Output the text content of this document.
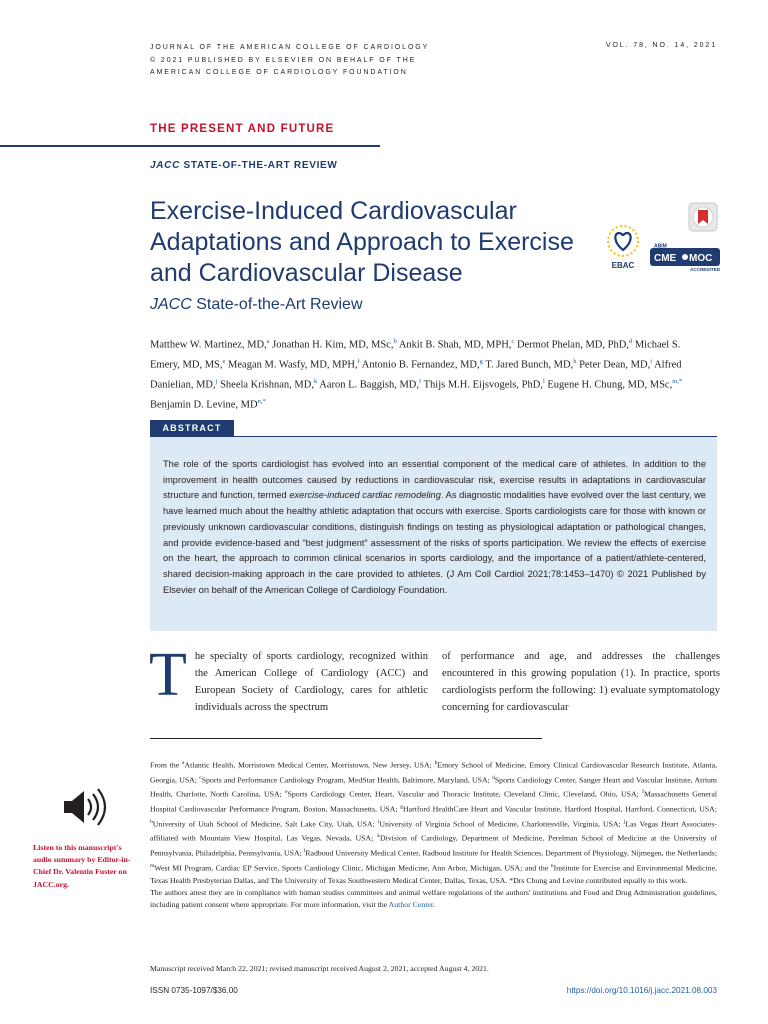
JOURNAL OF THE AMERICAN COLLEGE OF CARDIOLOGY
© 2021 PUBLISHED BY ELSEVIER ON BEHALF OF THE
AMERICAN COLLEGE OF CARDIOLOGY FOUNDATION
VOL. 78, NO. 14, 2021
THE PRESENT AND FUTURE
JACC STATE-OF-THE-ART REVIEW
Exercise-Induced Cardiovascular Adaptations and Approach to Exercise and Cardiovascular Disease
JACC State-of-the-Art Review
EBAC
ABIM
CME MOC
ACCREDITED
Matthew W. Martinez, MD,$^a$ Jonathan H. Kim, MD, MSc,$^b$ Ankit B. Shah, MD, MPH,$^c$ Dermot Phelan, MD, PhD,$^d$ Michael S. Emery, MD, MS,$^e$ Meagan M. Wasfy, MD, MPH,$^f$ Antonio B. Fernandez, MD,$^g$ T. Jared Bunch, MD,$^h$ Peter Dean, MD,$^i$ Alfred Danielian, MD,$^j$ Sheela Krishnan, MD,$^k$ Aaron L. Baggish, MD,$^f$ Thijs M.H. Eijsvogels, PhD,$^l$ Eugene H. Chung, MD, MSc,$^{m,*}$ Benjamin D. Levine, $MD^{n,*}$
ABSTRACT
The role of the sports cardiologist has evolved into an essential component of the medical care of athletes. In addition to the improvement in health outcomes caused by reductions in cardiovascular risk, exercise results in adaptations in cardiovascular structure and function, termed exercise-induced cardiac remodeling. As diagnostic modalities have evolved over the last century, we have learned much about the healthy athletic adaptation that occurs with exercise. Sports cardiologists care for those with known or previously unknown cardiovascular conditions, distinguish findings on testing as physiological adaptation or pathological changes, and provide evidence-based and “best judgment” assessment of the risks of sports participation. We review the effects of exercise on the heart, the approach to common clinical scenarios in sports cardiology, and the importance of a patient/athlete-centered, shared decision-making approach in the care provided to athletes. (J Am Coll Cardiol 2021;78:1453–1470) © 2021 Published by Elsevier on behalf of the American College of Cardiology Foundation.
The specialty of sports cardiology, recognized within the American College of Cardiology (ACC) and European Society of Cardiology, cares for athletic individuals across the spectrum
of performance and age, and addresses the challenges encountered in this growing population (1). In practice, sports cardiologists perform the following: 1) evaluate symptomatology concerning for cardiovascular
Listen to this manuscript's audio summary by Editor-in-Chief Dr. Valentin Fuster on JACC.org.
From the $^a$Atlantic Health, Morristown Medical Center, Morristown, New Jersey, USA; $^b$Emory School of Medicine, Emory Clinical Cardiovascular Research Institute, Atlanta, Georgia, USA; $^c$Sports and Performance Cardiology Program, MedStar Health, Baltimore, Maryland, USA; $^d$Sports Cardiology Center, Sanger Heart and Vascular Institute, Atrium Health, Charlotte, North Carolina, USA; $^e$Sports Cardiology Center, Heart, Vascular and Thoracic Institute, Cleveland Clinic, Cleveland, Ohio, USA; $^f$Massachusetts General Hospital Cardiovascular Performance Program, Boston, Massachusetts, USA; $^g$Hartford HealthCare Heart and Vascular Institute, Hartford Hospital, Hartford, Connecticut, USA; $^h$University of Utah School of Medicine, Salt Lake City, Utah, USA; $^i$University of Virginia School of Medicine, Charlottesville, Virginia, USA; $^j$Las Vegas Heart Associates-affiliated with Mountain View Hospital, Las Vegas, Nevada, USA; $^k$Division of Cardiology, Department of Medicine, Perelman School of Medicine at the University of Pennsylvania, Philadelphia, Pennsylvania, USA; $^l$Radboud University Medical Center, Radboud Institute for Health Sciences, Department of Physiology, Nijmegen, the Netherlands; $^m$West MI Program, Cardiac EP Service, Sports Cardiology Clinic, Michigan Medicine, Ann Arbor, Michigan, USA; and the $^n$Institute for Exercise and Environmental Medicine, Texas Health Presbyterian Dallas, and The University of Texas Southwestern Medical Center, Dallas, Texas, USA. *Drs Chung and Levine contributed equally to this work.
The authors attest they are in compliance with human studies committees and animal welfare regulations of the authors' institutions and Food and Drug Administration guidelines, including patient consent where appropriate. For more information, visit the Author Center.
Manuscript received March 22, 2021; revised manuscript received August 2, 2021, accepted August 4, 2021.
ISSN 0735-1097/$36.00	https://doi.org/10.1016/j.jacc.2021.08.003
